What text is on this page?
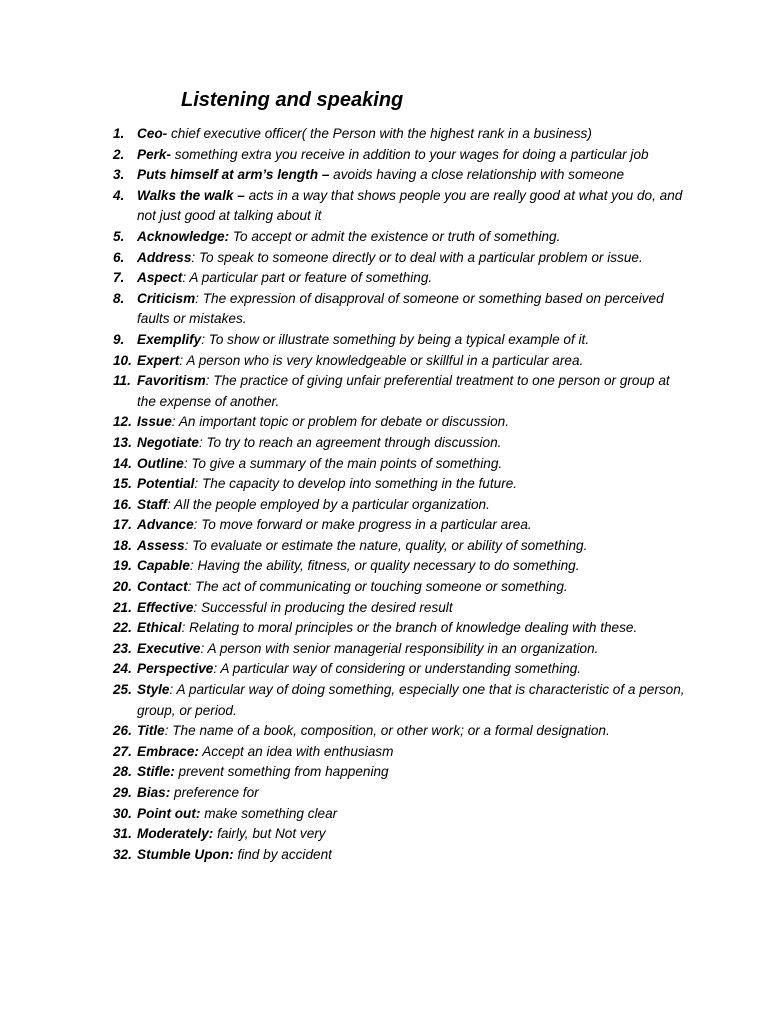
Listening and speaking
1. Ceo- chief executive officer( the Person with the highest rank in a business)
2. Perk- something extra you receive in addition to your wages for doing a particular job
3. Puts himself at arm’s length – avoids having a close relationship with someone
4. Walks the walk – acts in a way that shows people you are really good at what you do, and not just good at talking about it
5. Acknowledge: To accept or admit the existence or truth of something.
6. Address: To speak to someone directly or to deal with a particular problem or issue.
7. Aspect: A particular part or feature of something.
8. Criticism: The expression of disapproval of someone or something based on perceived faults or mistakes.
9. Exemplify: To show or illustrate something by being a typical example of it.
10. Expert: A person who is very knowledgeable or skillful in a particular area.
11. Favoritism: The practice of giving unfair preferential treatment to one person or group at the expense of another.
12. Issue: An important topic or problem for debate or discussion.
13. Negotiate: To try to reach an agreement through discussion.
14. Outline: To give a summary of the main points of something.
15. Potential: The capacity to develop into something in the future.
16. Staff: All the people employed by a particular organization.
17. Advance: To move forward or make progress in a particular area.
18. Assess: To evaluate or estimate the nature, quality, or ability of something.
19. Capable: Having the ability, fitness, or quality necessary to do something.
20. Contact: The act of communicating or touching someone or something.
21. Effective: Successful in producing the desired result
22. Ethical: Relating to moral principles or the branch of knowledge dealing with these.
23. Executive: A person with senior managerial responsibility in an organization.
24. Perspective: A particular way of considering or understanding something.
25. Style: A particular way of doing something, especially one that is characteristic of a person, group, or period.
26. Title: The name of a book, composition, or other work; or a formal designation.
27. Embrace: Accept an idea with enthusiasm
28. Stifle: prevent something from happening
29. Bias: preference for
30. Point out: make something clear
31. Moderately: fairly, but Not very
32. Stumble Upon: find by accident
